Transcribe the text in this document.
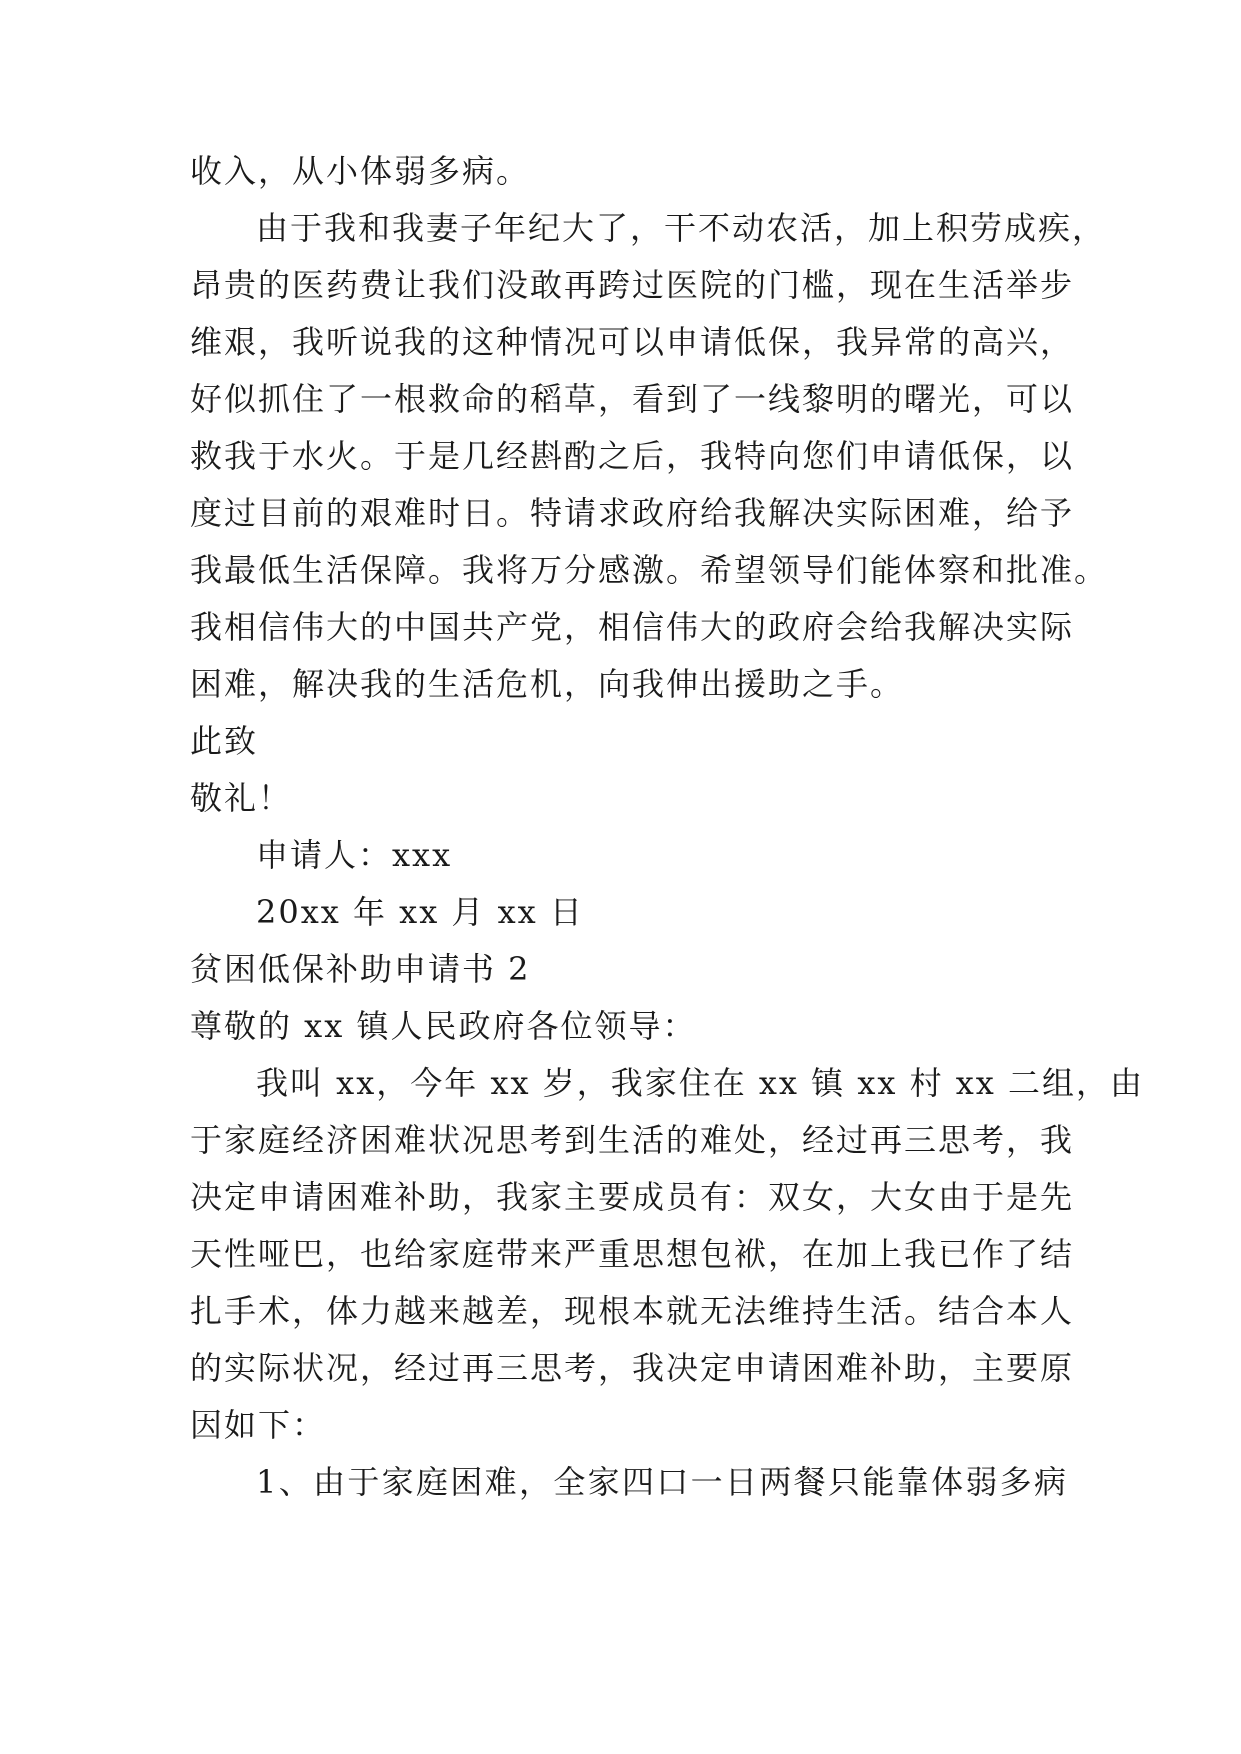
收入，从小体弱多病。
由于我和我妻子年纪大了，干不动农活，加上积劳成疾，
昂贵的医药费让我们没敢再跨过医院的门槛，现在生活举步
维艰，我听说我的这种情况可以申请低保，我异常的高兴，
好似抓住了一根救命的稻草，看到了一线黎明的曙光，可以
救我于水火。于是几经斟酌之后，我特向您们申请低保，以
度过目前的艰难时日。特请求政府给我解决实际困难，给予
我最低生活保障。我将万分感激。希望领导们能体察和批准。
我相信伟大的中国共产党，相信伟大的政府会给我解决实际
困难，解决我的生活危机，向我伸出援助之手。
此致
敬礼！
申请人：xxx
20xx 年 xx 月 xx 日
贫困低保补助申请书 2
尊敬的 xx 镇人民政府各位领导：
我叫 xx，今年 xx 岁，我家住在 xx 镇 xx 村 xx 二组，由
于家庭经济困难状况思考到生活的难处，经过再三思考，我
决定申请困难补助，我家主要成员有：双女，大女由于是先
天性哑巴，也给家庭带来严重思想包袱，在加上我已作了结
扎手术，体力越来越差，现根本就无法维持生活。结合本人
的实际状况，经过再三思考，我决定申请困难补助，主要原
因如下：
1、由于家庭困难，全家四口一日两餐只能靠体弱多病
